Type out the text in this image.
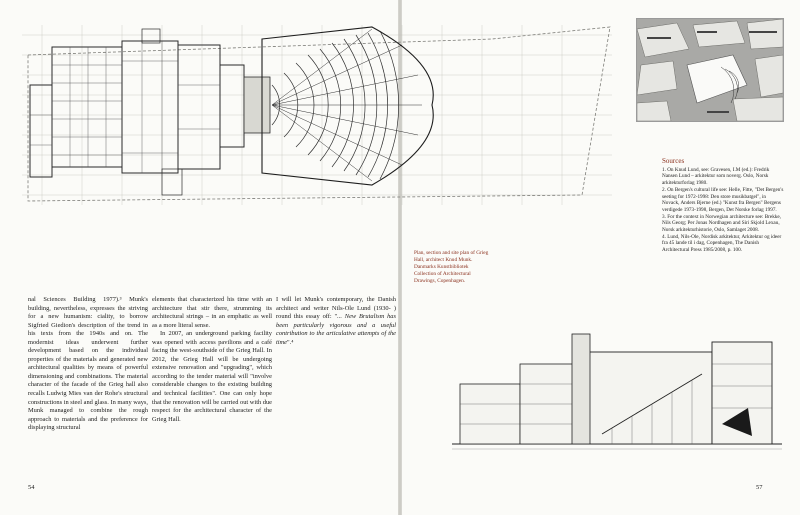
Plan, section and site plan of Grieg Hall, architect Knud Munk. Danmarks Kunstbibliotek Collection of Architectural Drawings, Copenhagen.
Sources

1. On Knud Lund, see: Gravesen, I.M (ed.): Fredrik Nansen Lund – arkitektur som noverg. Oslo, Norsk arkitekturforlag 1980.

2. On Bergen's cultural life see: Helle, Fitte, "Det Bergen's seeting for 1972-1998: Den store musikbatgel", in Novack, Anders Bjerne (ed.) "Kunst fra Bergen" Bergens verdigede 1973-1998, Bergen, Det Norske forlag 1997.

3. For the context in Norwegian architecture see: Brekke, Nils Georg; Per Jonas Nordhagen and Siri Skjold Lexau, Norsk arkitekturhistorie, Oslo, Samlaget 2008.

4. Lund, Nils-Ole, Nordisk arkitektur, Arkitektur og ideer fra 45 lande til i dag, Copenhagen, The Danish Architectural Press 1985/2008, p. 100.

nal Sciences Building 1977).³ Munk's building, nevertheless, expresses the striving for a new humanism: ciality, to borrow Sigfried Giedion's description of the trend in his texts from the 1940s and on. The modernist ideas underwent further development based on the individual properties of the materials and generated new architectural qualities by means of powerful dimensioning and combinations. The material character of the facade of the Grieg hall also recalls Ludwig Mies van der Rohe's structural constructions in steel and glass. In many ways, Munk managed to combine the rough approach to materials and the preference for displaying structural

elements that characterized his time with an architecture that stir there, strumming its architectural strings – in an emphatic as well as a more literal sense.

In 2007, an underground parking facility was opened with access pavilions and a café facing the west-southside of the Grieg Hall. In 2012, the Grieg Hall will be undergoing extensive renovation and "upgrading", which according to the tender material will "involve considerable changes to the existing building and technical facilities". One can only hope that the renovation will be carried out with due respect for the architectural character of the Grieg Hall.

I will let Munk's contemporary, the Danish architect and writer Nils-Ole Lund (1930- ) round this essay off: "... New Brutalism has been particularly vigorous and a useful contribution to the articulative attempts of the time".⁴

54	57
